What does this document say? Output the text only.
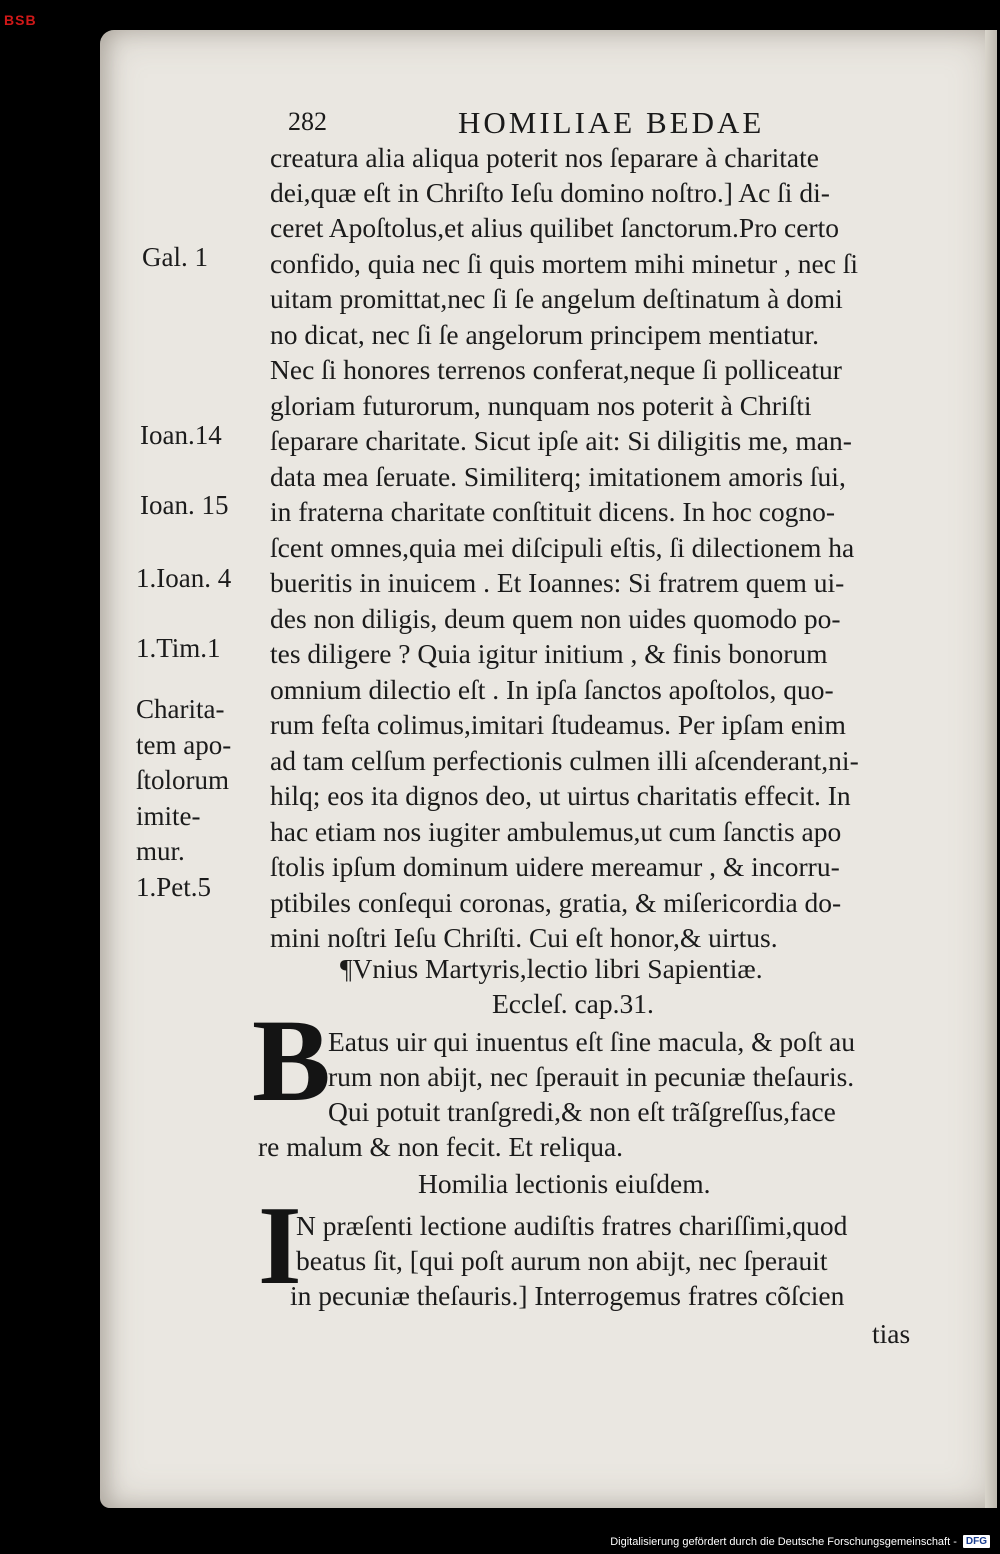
BSB
282	HOMILIAE BEDAE
creatura alia aliqua poterit nos ſeparare à charitate
dei,quæ eſt in Chriſto Ieſu domino noſtro.] Ac ſi di-
ceret Apoſtolus,et alius quilibet ſanctorum.Pro certo
confido, quia nec ſi quis mortem mihi minetur , nec ſi
uitam promittat,nec ſi ſe angelum deſtinatum à domi
no dicat, nec ſi ſe angelorum principem mentiatur.
Nec ſi honores terrenos conferat,neque ſi polliceatur
gloriam futurorum, nunquam nos poterit à Chriſti
ſeparare charitate. Sicut ipſe ait: Si diligitis me, man-
data mea ſeruate. Similiterq; imitationem amoris ſui,
in fraterna charitate conſtituit dicens. In hoc cogno-
ſcent omnes,quia mei diſcipuli eſtis, ſi dilectionem ha
bueritis in inuicem . Et Ioannes: Si fratrem quem ui-
des non diligis, deum quem non uides quomodo po-
tes diligere ? Quia igitur initium , & finis bonorum
omnium dilectio eſt . In ipſa ſanctos apoſtolos, quo-
rum feſta colimus,imitari ſtudeamus. Per ipſam enim
ad tam celſum perfectionis culmen illi aſcenderant,ni-
hilq; eos ita dignos deo, ut uirtus charitatis effecit. In
hac etiam nos iugiter ambulemus,ut cum ſanctis apo
ſtolis ipſum dominum uidere mereamur , & incorru-
ptibiles conſequi coronas, gratia, & miſericordia do-
mini noſtri Ieſu Chriſti. Cui eſt honor,& uirtus.
Gal. 1
Ioan.14
Ioan. 15
1.Ioan. 4
1.Tim.1
Charita-
tem apo-
ſtolorum
imite-
mur.
1.Pet.5
¶Vnius Martyris,lectio libri Sapientiæ.
Eccleſ. cap.31.
B
Eatus uir qui inuentus eſt ſine macula, & poſt au
rum non abijt, nec ſperauit in pecuniæ theſauris.
Qui potuit tranſgredi,& non eſt trãſgreſſus,face
re malum & non fecit. Et reliqua.
Homilia lectionis eiuſdem.
I
N præſenti lectione audiſtis fratres chariſſimi,quod
beatus ſit, [qui poſt aurum non abijt, nec ſperauit
in pecuniæ theſauris.] Interrogemus fratres cõſcien
tias
Digitalisierung gefördert durch die Deutsche Forschungsgemeinschaft - DFG
